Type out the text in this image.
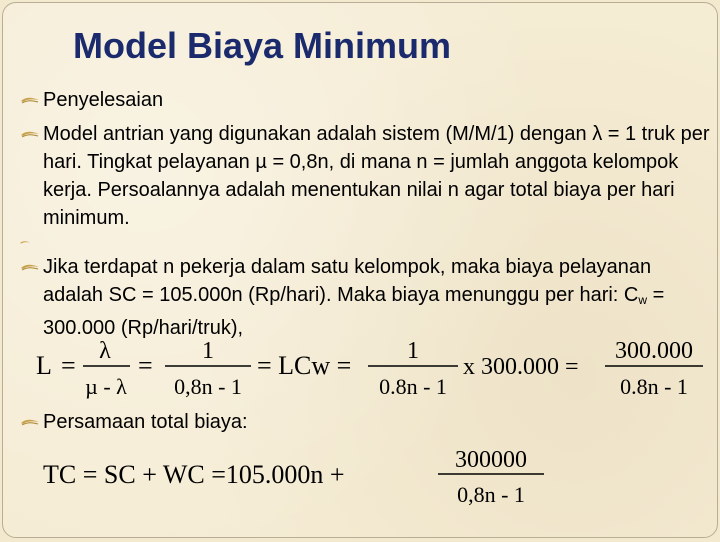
Model Biaya Minimum
Penyelesaian
Model antrian yang digunakan adalah sistem (M/M/1) dengan λ = 1 truk per hari. Tingkat pelayanan µ = 0,8n, di mana n = jumlah anggota kelompok kerja. Persoalannya adalah menentukan nilai n agar total biaya per hari minimum.
Jika terdapat n pekerja dalam satu kelompok, maka biaya pelayanan adalah SC = 105.000n (Rp/hari). Maka biaya menunggu per hari: $C_w = 300.000$ (Rp/hari/truk),
L = λ
µ - λ
= 1
0,8n - 1
= LCw = 1
0.8n - 1
x 300.000 =
300.000
0.8n - 1
Persamaan total biaya:
TC = SC + WC =105.000n +	300000
0,8n - 1
